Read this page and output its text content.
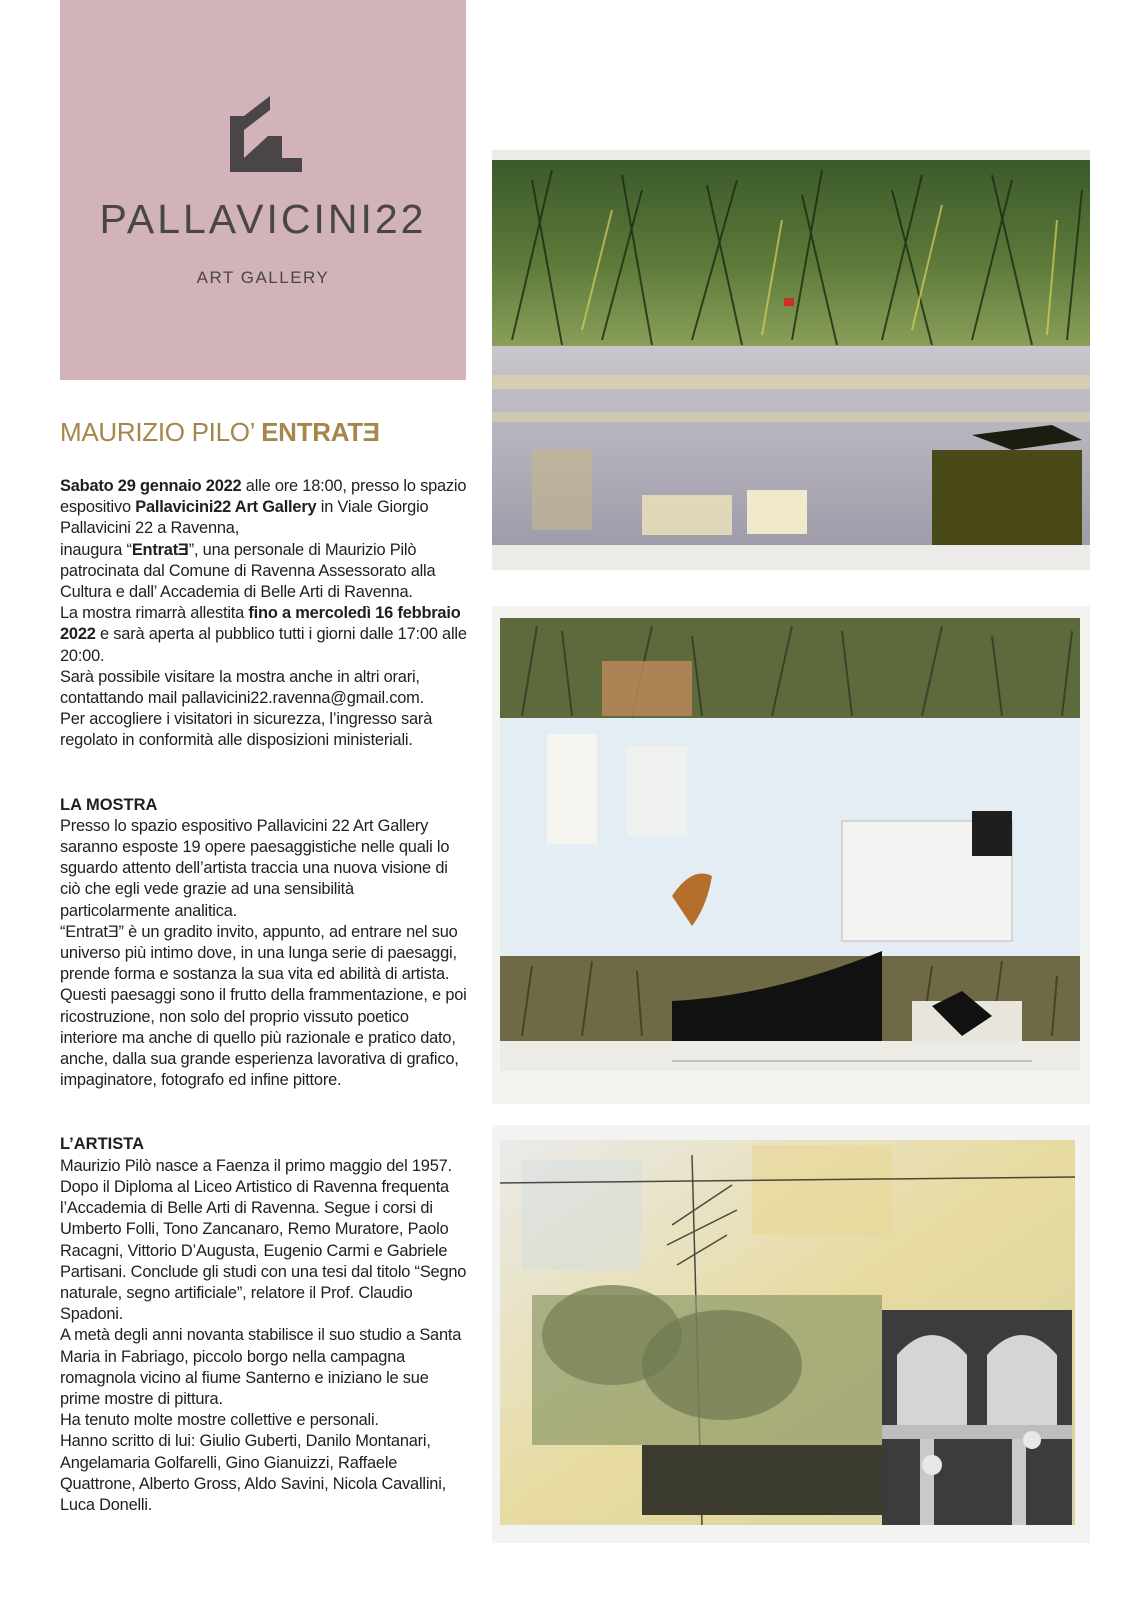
PALLAVICINI22
ART GALLERY
MAURIZIO PILO’ ENTRATE

Sabato 29 gennaio 2022 alle ore 18:00, presso lo spazio espositivo Pallavicini22 Art Gallery in Viale Giorgio Pallavicini 22 a Ravenna,

inaugura “EntratE”, una personale di Maurizio Pilò patrocinata dal Comune di Ravenna Assessorato alla Cultura e dall’ Accademia di Belle Arti di Ravenna.

La mostra rimarrà allestita fino a mercoledì 16 febbraio 2022 e sarà aperta al pubblico tutti i giorni dalle 17:00 alle 20:00.

Sarà possibile visitare la mostra anche in altri orari, contattando mail pallavicini22.ravenna@gmail.com.

Per accogliere i visitatori in sicurezza, l’ingresso sarà regolato in conformità alle disposizioni ministeriali.

LA MOSTRA

Presso lo spazio espositivo Pallavicini 22 Art Gallery saranno esposte 19 opere paesaggistiche nelle quali lo sguardo attento dell’artista traccia una nuova visione di ciò che egli vede grazie ad una sensibilità particolarmente analitica.

“EntratE” è un gradito invito, appunto, ad entrare nel suo universo più intimo dove, in una lunga serie di paesaggi, prende forma e sostanza la sua vita ed abilità di artista. Questi paesaggi sono il frutto della frammentazione, e poi ricostruzione, non solo del proprio vissuto poetico interiore ma anche di quello più razionale e pratico dato, anche, dalla sua grande esperienza lavorativa di grafico, impaginatore, fotografo ed infine pittore.

L’ARTISTA

Maurizio Pilò nasce a Faenza il primo maggio del 1957. Dopo il Diploma al Liceo Artistico di Ravenna frequenta l’Accademia di Belle Arti di Ravenna. Segue i corsi di Umberto Folli, Tono Zancanaro, Remo Muratore, Paolo Racagni, Vittorio D’Augusta, Eugenio Carmi e Gabriele Partisani. Conclude gli studi con una tesi dal titolo “Segno naturale, segno artificiale”, relatore il Prof. Claudio Spadoni.

A metà degli anni novanta stabilisce il suo studio a Santa Maria in Fabriago, piccolo borgo nella campagna romagnola vicino al fiume Santerno e iniziano le sue prime mostre di pittura.

Ha tenuto molte mostre collettive e personali.

Hanno scritto di lui: Giulio Guberti, Danilo Montanari, Angelamaria Golfarelli, Gino Gianuizzi, Raffaele Quattrone, Alberto Gross, Aldo Savini, Nicola Cavallini, Luca Donelli.
